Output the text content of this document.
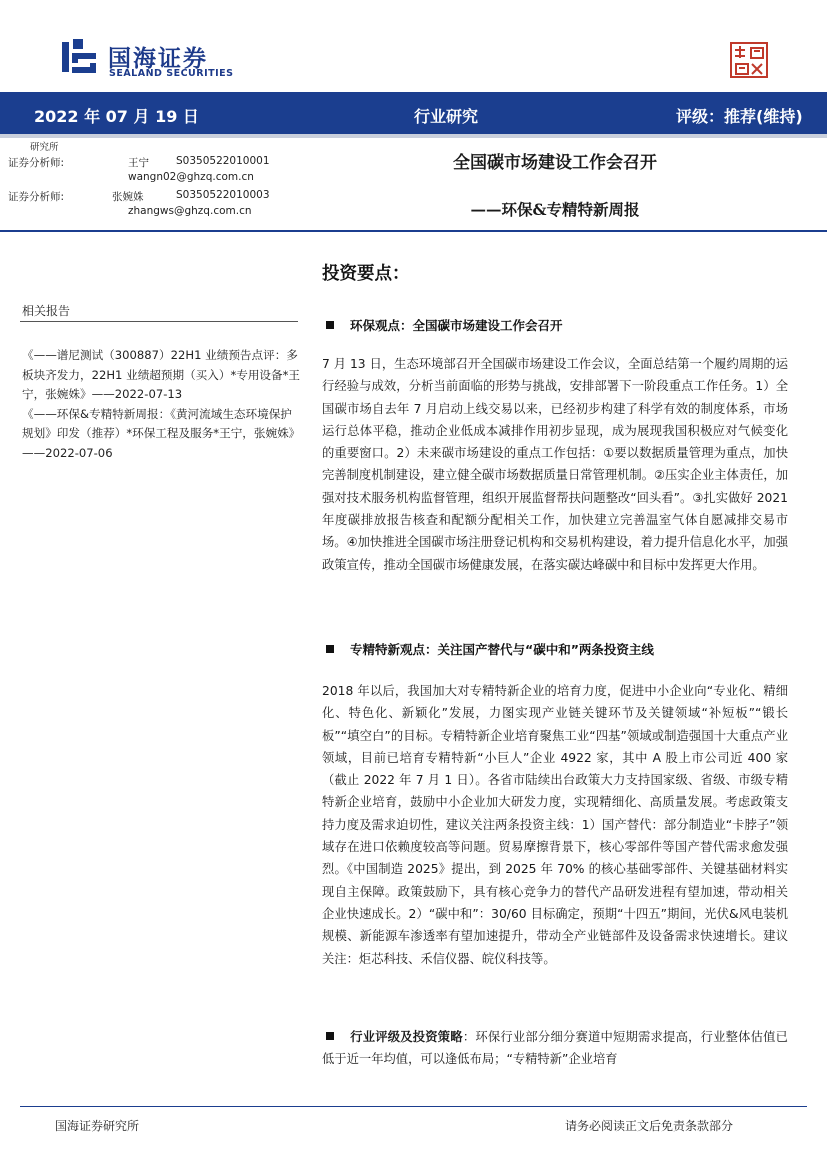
国海证券
SEALAND SECURITIES
2022 年 07 月 19 日	行业研究	评级：推荐(维持)
研究所
证券分析师:	王宁	S0350522010001
wangn02@ghzq.com.cn
证券分析师:	张婉姝	S0350522010003
zhangws@ghzq.com.cn
全国碳市场建设工作会召开
——环保&专精特新周报
投资要点：
相关报告

《——谱尼测试（300887）22H1 业绩预告点评：多板块齐发力，22H1 业绩超预期（买入）*专用设备*王宁，张婉姝》——2022-07-13

《——环保&专精特新周报：《黄河流域生态环境保护规划》印发（推荐）*环保工程及服务*王宁，张婉姝》——2022-07-06

环保观点：全国碳市场建设工作会召开

7 月 13 日，生态环境部召开全国碳市场建设工作会议，全面总结第一个履约周期的运行经验与成效，分析当前面临的形势与挑战，安排部署下一阶段重点工作任务。1）全国碳市场自去年 7 月启动上线交易以来，已经初步构建了科学有效的制度体系，市场运行总体平稳，推动企业低成本减排作用初步显现，成为展现我国积极应对气候变化的重要窗口。2）未来碳市场建设的重点工作包括：①要以数据质量管理为重点，加快完善制度机制建设，建立健全碳市场数据质量日常管理机制。②压实企业主体责任，加强对技术服务机构监督管理，组织开展监督帮扶问题整改“回头看”。③扎实做好 2021 年度碳排放报告核查和配额分配相关工作，加快建立完善温室气体自愿减排交易市场。④加快推进全国碳市场注册登记机构和交易机构建设，着力提升信息化水平，加强政策宣传，推动全国碳市场健康发展，在落实碳达峰碳中和目标中发挥更大作用。

专精特新观点：关注国产替代与“碳中和”两条投资主线

2018 年以后，我国加大对专精特新企业的培育力度，促进中小企业向“专业化、精细化、特色化、新颖化”发展，力图实现产业链关键环节及关键领域“补短板”“锻长板”“填空白”的目标。专精特新企业培育聚焦工业“四基”领域或制造强国十大重点产业领域，目前已培育专精特新“小巨人”企业 4922 家，其中 A 股上市公司近 400 家（截止 2022 年 7 月 1 日）。各省市陆续出台政策大力支持国家级、省级、市级专精特新企业培育，鼓励中小企业加大研发力度，实现精细化、高质量发展。考虑政策支持力度及需求迫切性，建议关注两条投资主线：1）国产替代：部分制造业“卡脖子”领域存在进口依赖度较高等问题。贸易摩擦背景下，核心零部件等国产替代需求愈发强烈。《中国制造 2025》提出，到 2025 年 70% 的核心基础零部件、关键基础材料实现自主保障。政策鼓励下，具有核心竞争力的替代产品研发进程有望加速，带动相关企业快速成长。2）“碳中和”：30/60 目标确定，预期“十四五”期间，光伏&风电装机规模、新能源车渗透率有望加速提升，带动全产业链部件及设备需求快速增长。建议关注：炬芯科技、禾信仪器、皖仪科技等。

行业评级及投资策略：环保行业部分细分赛道中短期需求提高，行业整体估值已低于近一年均值，可以逢低布局；“专精特新”企业培育

国海证券研究所	请务必阅读正文后免责条款部分
